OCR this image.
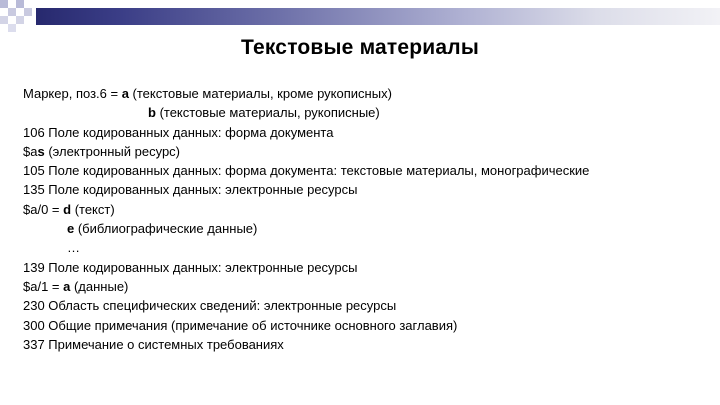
Текстовые материалы
Маркер, поз.6 = a (текстовые материалы, кроме рукописных)
b (текстовые материалы, рукописные)
106 Поле кодированных данных: форма документа
$as (электронный ресурс)
105 Поле кодированных данных: форма документа: текстовые материалы, монографические
135 Поле кодированных данных: электронные ресурсы
$a/0 = d (текст)
e (библиографические данные)
…
139 Поле кодированных данных: электронные ресурсы
$a/1 = a (данные)
230 Область специфических сведений: электронные ресурсы
300 Общие примечания (примечание об источнике основного заглавия)
337 Примечание о системных требованиях
